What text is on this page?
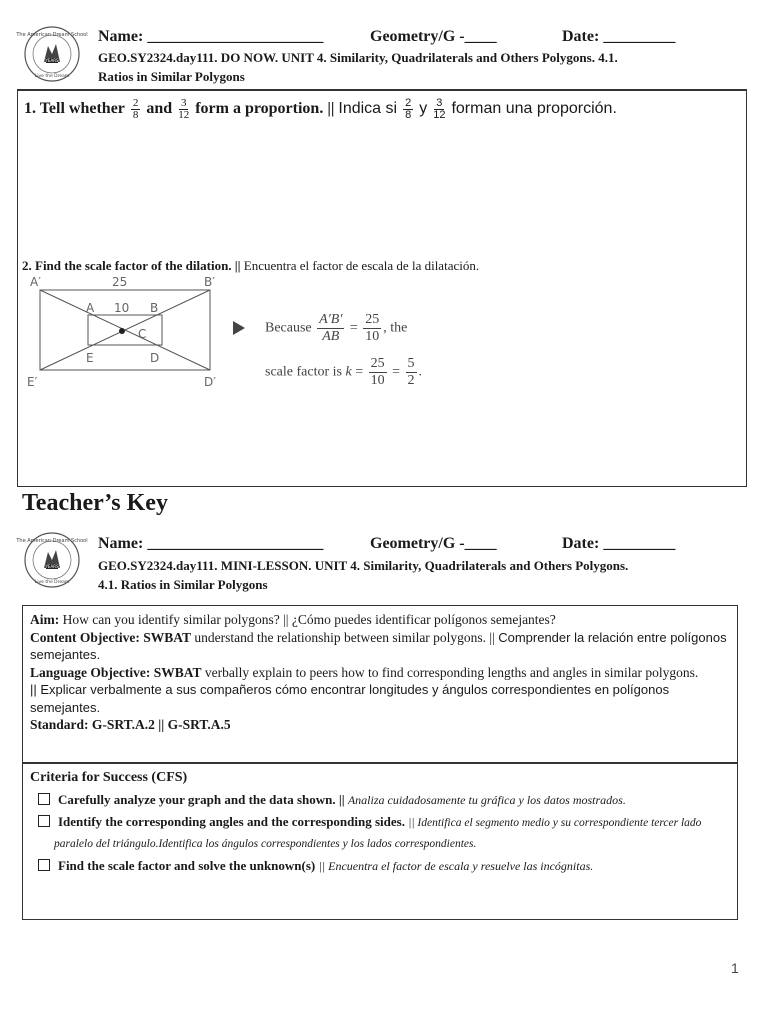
The American Dream School
YEARS
Live the Dream
Name: ______________________	Geometry/G -____	Date: _________
GEO.SY2324.day111. DO NOW. UNIT 4. Similarity, Quadrilaterals and Others Polygons. 4.1.
Ratios in Similar Polygons
1. Tell whether $\frac{2}{8}$ and $\frac{3}{12}$ form a proportion. || Indica si $\frac{2}{8}$ y $\frac{3}{12}$ forman una proporción.
2. Find the scale factor of the dilation. || Encuentra el factor de escala de la dilatación.
A′	B′
E′	D′
25
A 10 B
C
D
E
Because $\frac{A'B'}{AB} = \frac{25}{10}$ , the
scale factor is $k = \frac{25}{10} = \frac{5}{2}$ .
Teacher’s Key
The American Dream School
YEARS
Live the Dream
Name: ______________________	Geometry/G -____	Date: _________
GEO.SY2324.day111. MINI-LESSON. UNIT 4. Similarity, Quadrilaterals and Others Polygons.
4.1. Ratios in Similar Polygons
Aim: How can you identify similar polygons? || ¿Cómo puedes identificar polígonos semejantes?
Content Objective: SWBAT understand the relationship between similar polygons. || Comprender la relación entre polígonos semejantes.
Language Objective: SWBAT verbally explain to peers how to find corresponding lengths and angles in similar polygons.
|| Explicar verbalmente a sus compañeros cómo encontrar longitudes y ángulos correspondientes en polígonos semejantes.
Standard: G-SRT.A.2 || G-SRT.A.5
Criteria for Success (CFS)
Carefully analyze your graph and the data shown. || Analiza cuidadosamente tu gráfica y los datos mostrados.
Identify the corresponding angles and the corresponding sides. || Identifica el segmento medio y su correspondiente tercer lado paralelo del triángulo.Identifica los ángulos correspondientes y los lados correspondientes.
Find the scale factor and solve the unknown(s) || Encuentra el factor de escala y resuelve las incógnitas.
1
